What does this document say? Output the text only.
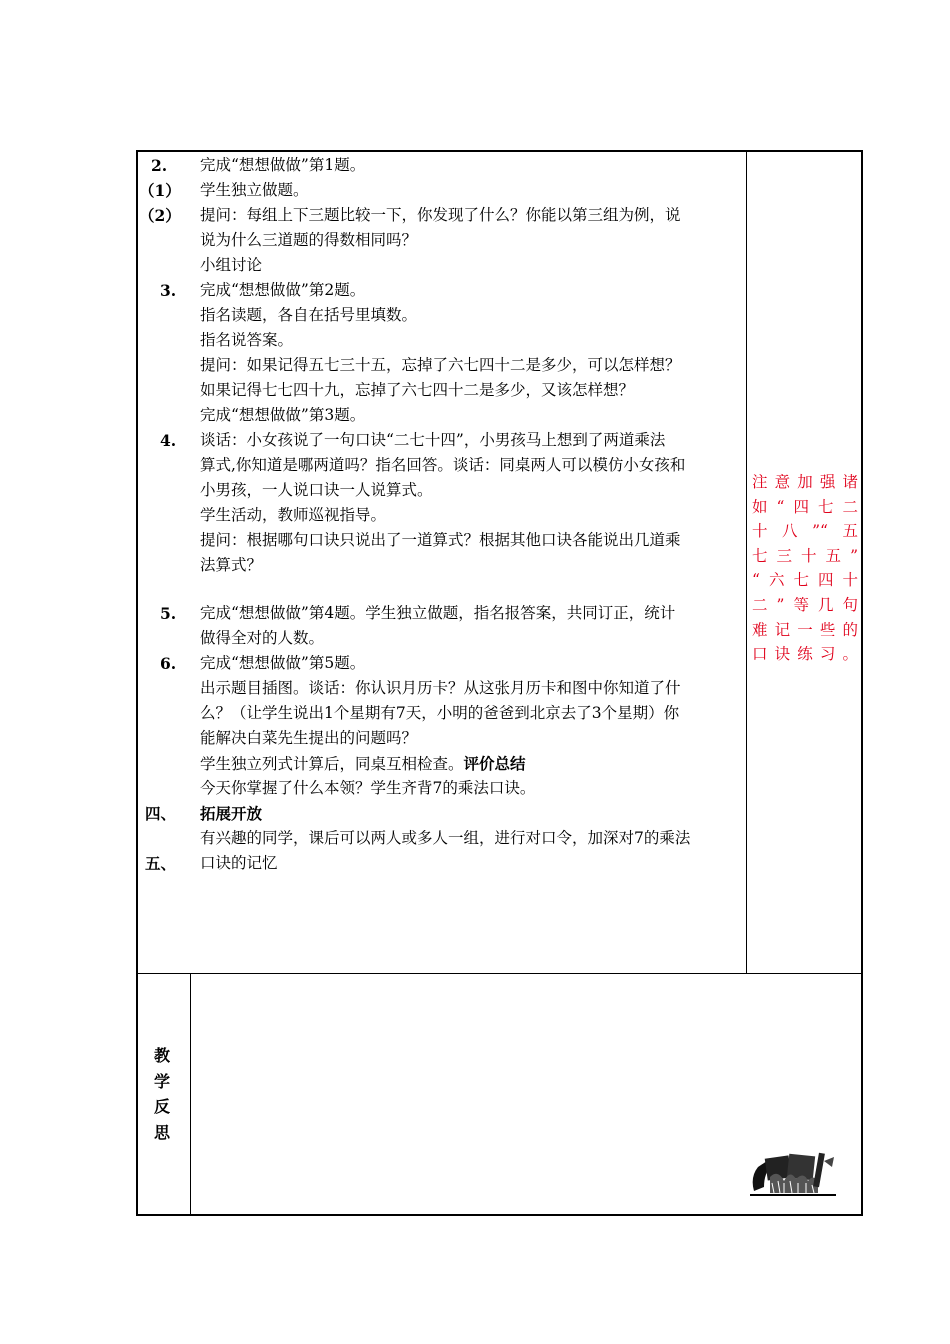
2.
（1）
（2）
3.
4.
5.
6.
四、
五、
完成“想想做做”第1题。
学生独立做题。
提问：每组上下三题比较一下，你发现了什么？你能以第三组为例，说
说为什么三道题的得数相同吗？
小组讨论
完成“想想做做”第2题。
指名读题，各自在括号里填数。
指名说答案。
提问：如果记得五七三十五，忘掉了六七四十二是多少，可以怎样想？
如果记得七七四十九，忘掉了六七四十二是多少，又该怎样想？
完成“想想做做”第3题。
谈话：小女孩说了一句口诀“二七十四”，小男孩马上想到了两道乘法
算式,你知道是哪两道吗？指名回答。谈话：同桌两人可以模仿小女孩和
小男孩，一人说口诀一人说算式。
学生活动，教师巡视指导。
提问：根据哪句口诀只说出了一道算式？根据其他口诀各能说出几道乘
法算式？
完成“想想做做”第4题。学生独立做题，指名报答案，共同订正，统计
做得全对的人数。
完成“想想做做”第5题。
出示题目插图。谈话：你认识月历卡？从这张月历卡和图中你知道了什
么？（让学生说出1个星期有7天，小明的爸爸到北京去了3个星期）你
能解决白菜先生提出的问题吗？
学生独立列式计算后，同桌互相检查。评价总结
今天你掌握了什么本领？学生齐背7的乘法口诀。
拓展开放
有兴趣的同学，课后可以两人或多人一组，进行对口令，加深对7的乘法
口诀的记忆
注意加强诸
如“四七二
十八”“五
七三十五”
“六七四十
二”等几句
难记一些的
口诀练习。
教
学
反
思
